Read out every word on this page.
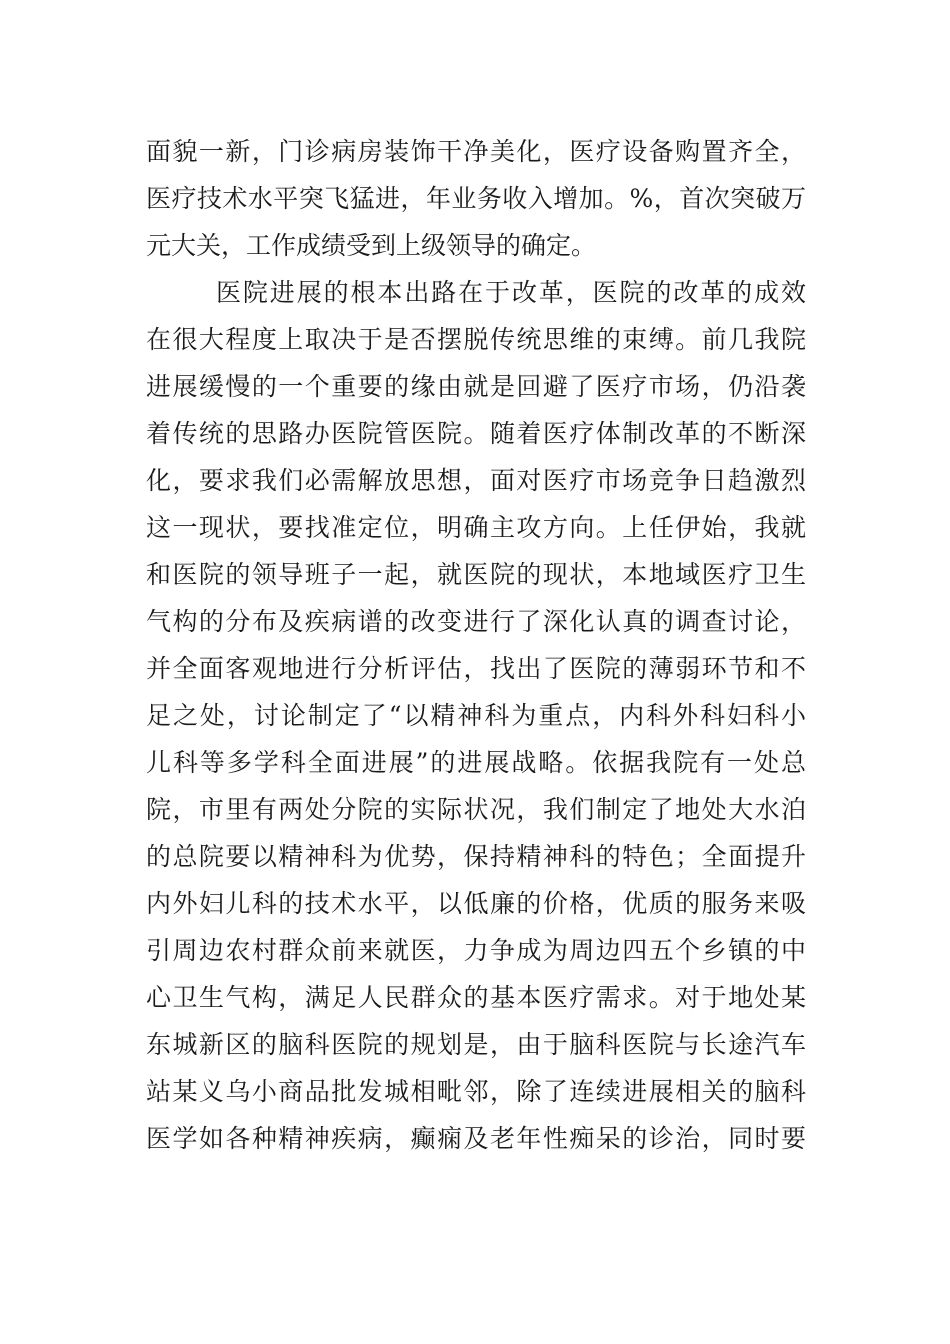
面貌一新，门诊病房装饰干净美化，医疗设备购置齐全，
医疗技术水平突飞猛进，年业务收入增加。%，首次突破万
元大关，工作成绩受到上级领导的确定。
医院进展的根本出路在于改革，医院的改革的成效
在很大程度上取决于是否摆脱传统思维的束缚。前几我院
进展缓慢的一个重要的缘由就是回避了医疗市场，仍沿袭
着传统的思路办医院管医院。随着医疗体制改革的不断深
化，要求我们必需解放思想，面对医疗市场竞争日趋激烈
这一现状，要找准定位，明确主攻方向。上任伊始，我就
和医院的领导班子一起，就医院的现状，本地域医疗卫生
气构的分布及疾病谱的改变进行了深化认真的调查讨论，
并全面客观地进行分析评估，找出了医院的薄弱环节和不
足之处，讨论制定了“以精神科为重点，内科外科妇科小
儿科等多学科全面进展”的进展战略。依据我院有一处总
院，市里有两处分院的实际状况，我们制定了地处大水泊
的总院要以精神科为优势，保持精神科的特色；全面提升
内外妇儿科的技术水平，以低廉的价格，优质的服务来吸
引周边农村群众前来就医，力争成为周边四五个乡镇的中
心卫生气构，满足人民群众的基本医疗需求。对于地处某
东城新区的脑科医院的规划是，由于脑科医院与长途汽车
站某义乌小商品批发城相毗邻，除了连续进展相关的脑科
医学如各种精神疾病，癫痫及老年性痴呆的诊治，同时要
